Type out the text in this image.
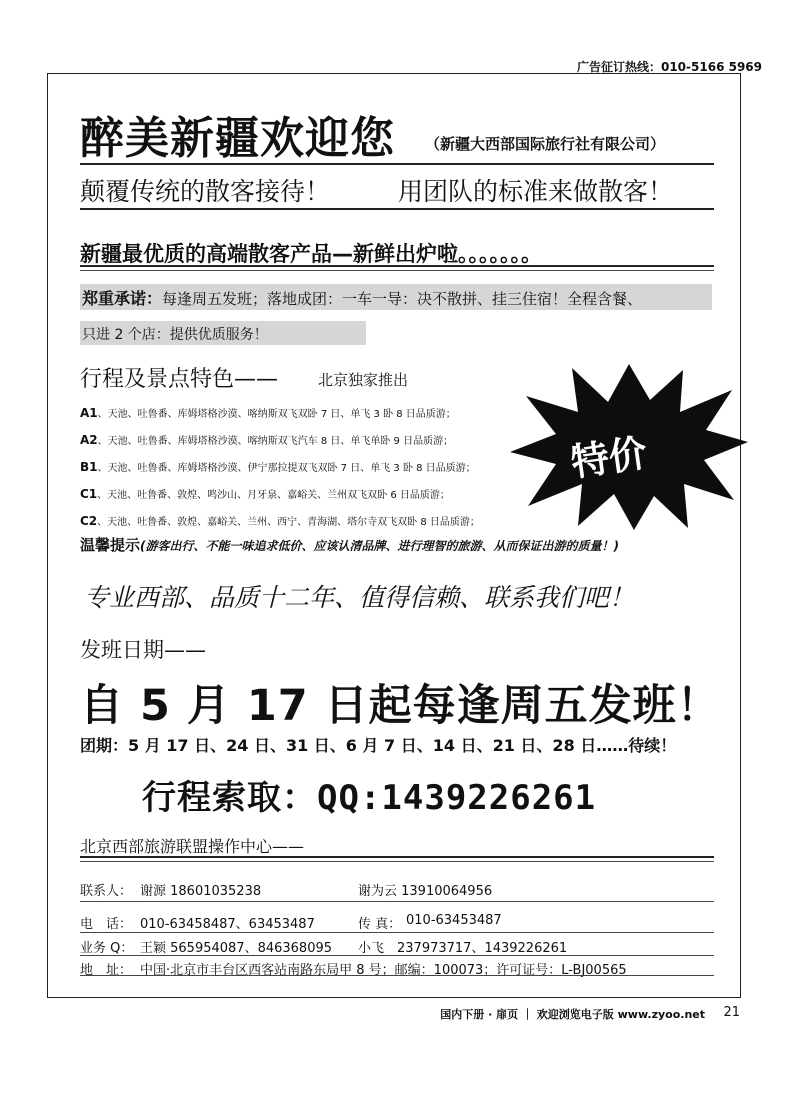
广告征订热线：010-5166 5969
醉美新疆欢迎您 （新疆大西部国际旅行社有限公司）
颠覆传统的散客接待！	用团队的标准来做散客！
新疆最优质的高端散客产品—新鲜出炉啦。。。。。。。
郑重承诺：每逢周五发班；落地成团：一车一导：决不散拼、挂三住宿！全程含餐、
只进 2 个店：提供优质服务！
行程及景点特色——	北京独家推出
A1、天池、吐鲁番、库姆塔格沙漠、喀纳斯双飞双卧 7 日、单飞 3 卧 8 日品质游；
A2、天池、吐鲁番、库姆塔格沙漠、喀纳斯双飞汽车 8 日、单飞单卧 9 日品质游；
B1、天池、吐鲁番、库姆塔格沙漠、伊宁那拉提双飞双卧 7 日、单飞 3 卧 8 日品质游；
C1、天池、吐鲁番、敦煌、鸣沙山、月牙泉、嘉峪关、兰州双飞双卧 6 日品质游；
C2、天池、吐鲁番、敦煌、嘉峪关、兰州、西宁、青海湖、塔尔寺双飞双卧 8 日品质游；
特价
温馨提示(游客出行、不能一味追求低价、应该认清品牌、进行理智的旅游、从而保证出游的质量！)
专业西部、品质十二年、值得信赖、联系我们吧！
发班日期——
自 5 月 17 日起每逢周五发班！
团期：5 月 17 日、24 日、31 日、6 月 7 日、14 日、21 日、28 日……待续！
行程索取：QQ:1439226261
北京西部旅游联盟操作中心——
联系人： 谢源 18601035238	谢为云 13910064956
电　话： 010-63458487、63453487	传 真： 010-63453487
业务 Q： 王颖 565954087、846368095 小飞　237973717、1439226261
地　址： 中国·北京市丰台区西客站南路东局甲 8 号；邮编：100073；许可证号：L-BJ00565
国内下册 · 扉页 ｜ 欢迎浏览电子版 www.zyoo.net 21
